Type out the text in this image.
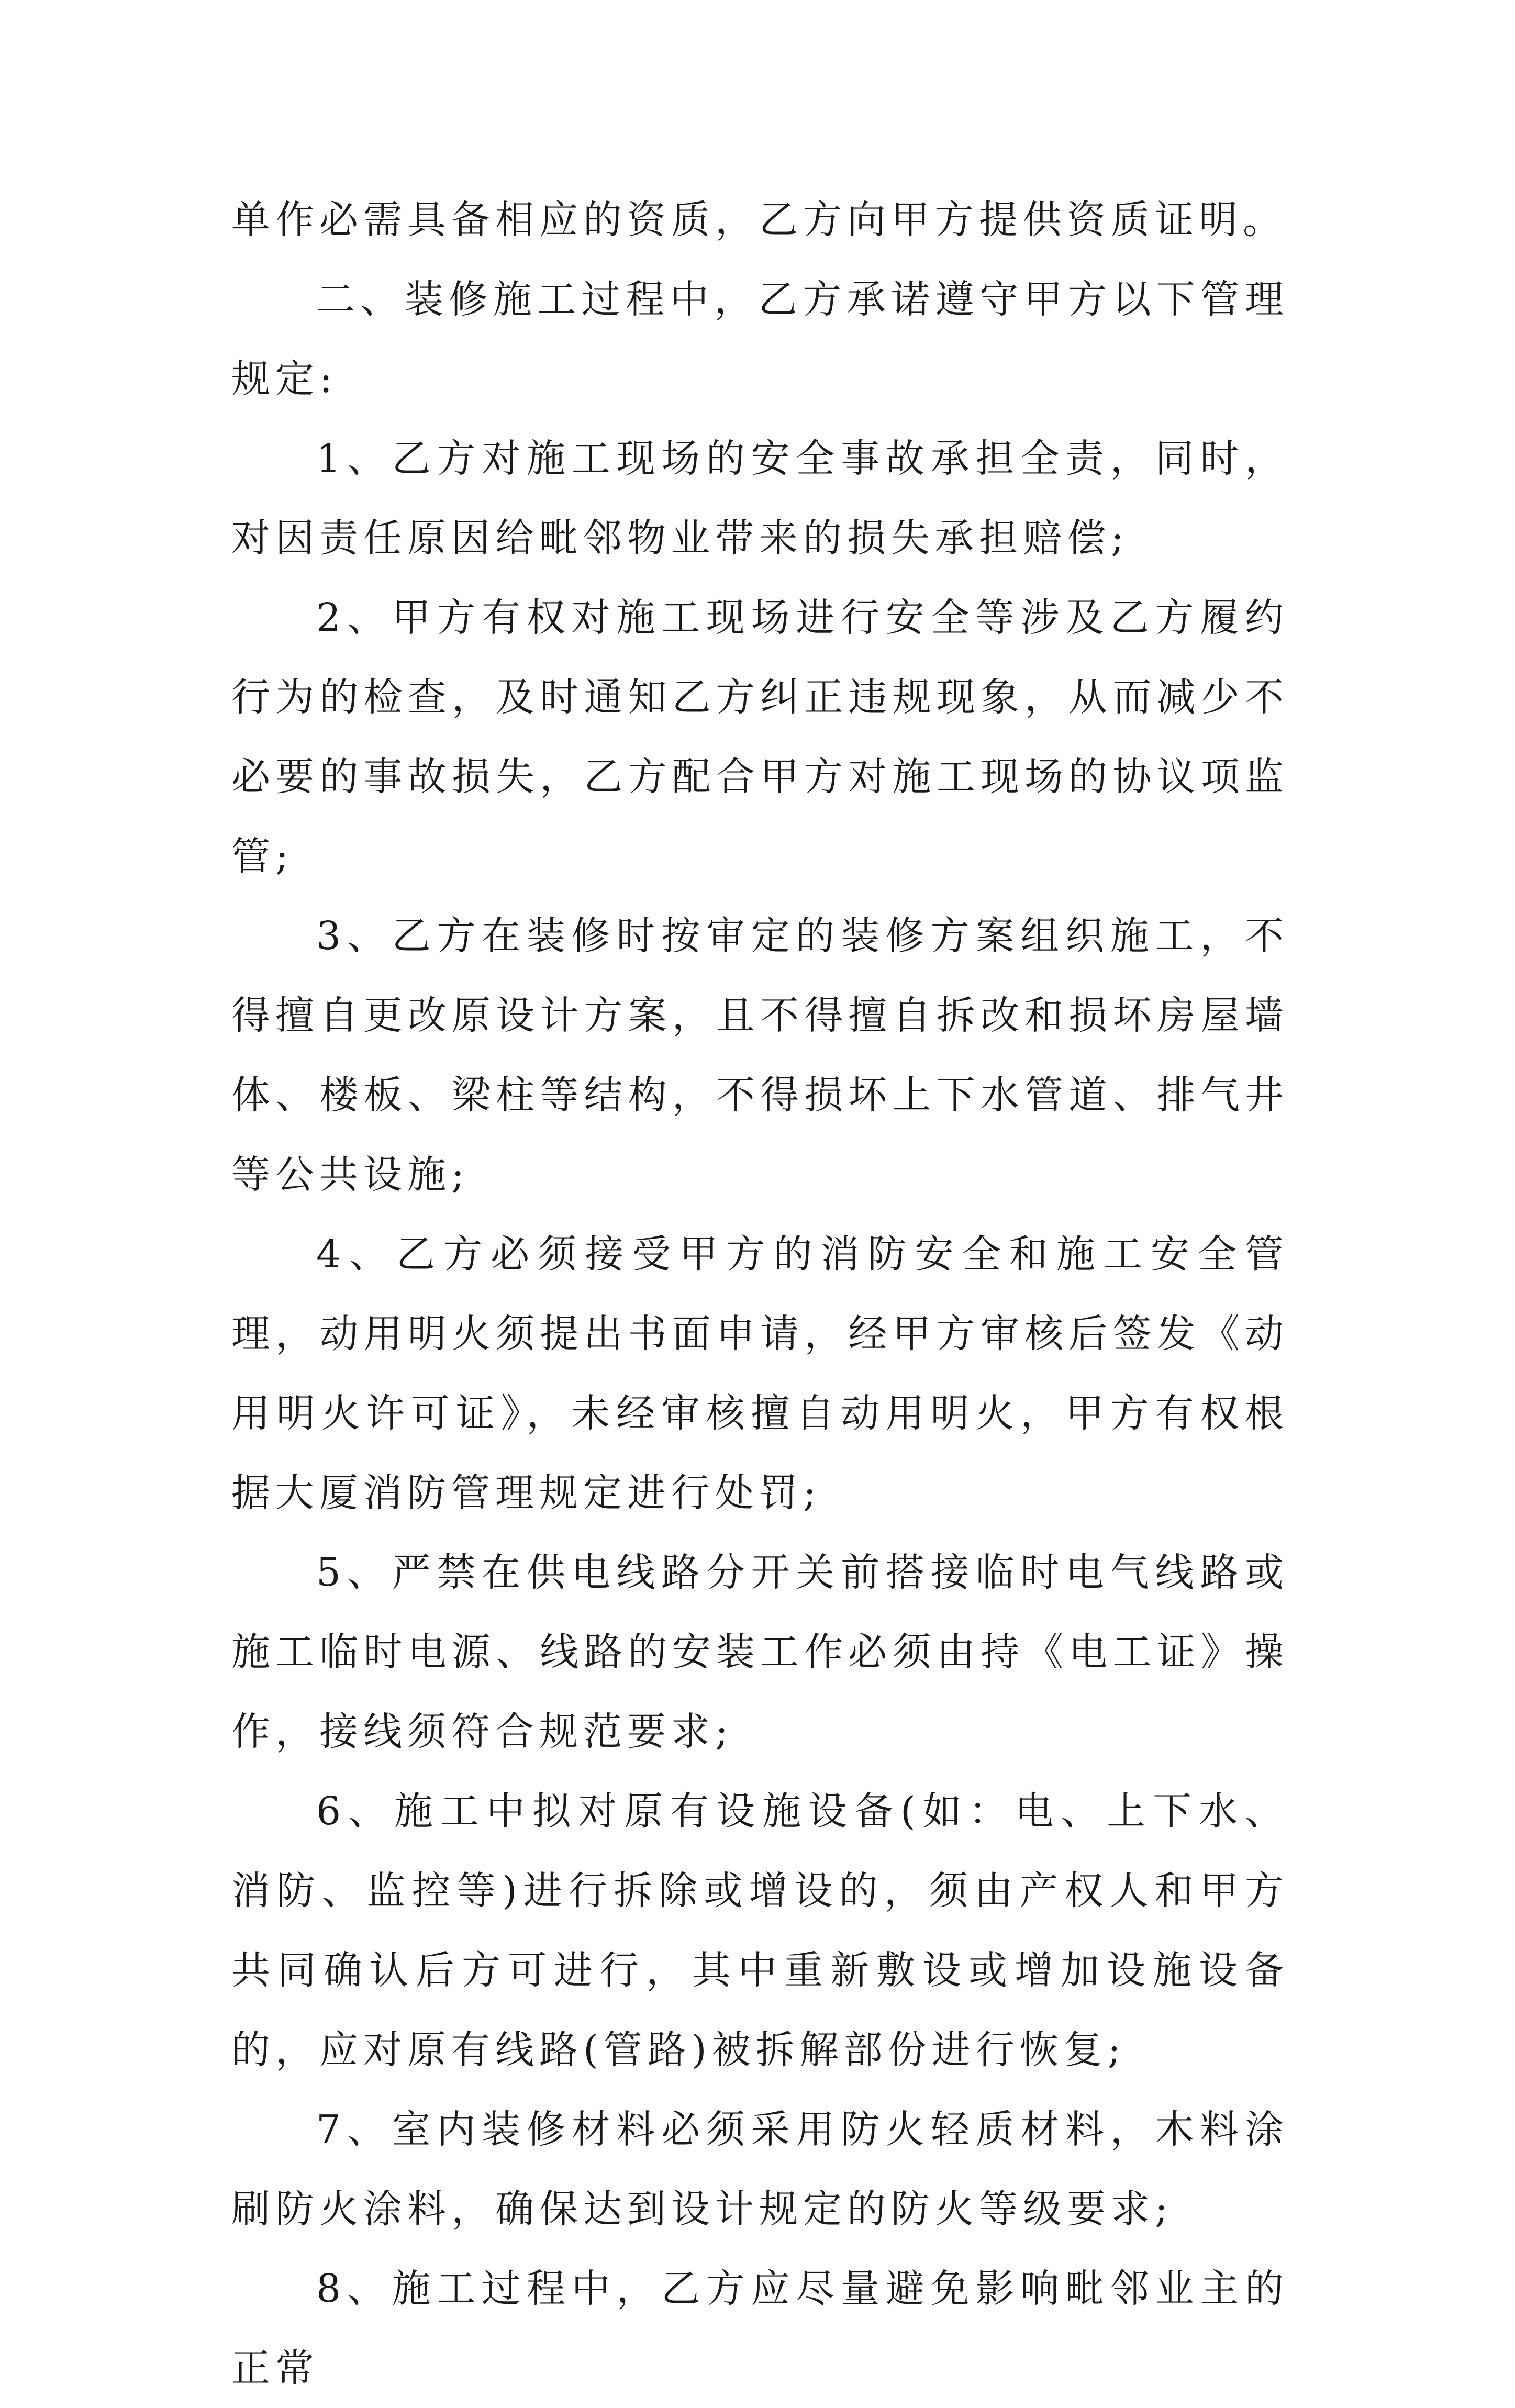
单作必需具备相应的资质，乙方向甲方提供资质证明。

二、装修施工过程中，乙方承诺遵守甲方以下管理规定:

1、乙方对施工现场的安全事故承担全责，同时，对因责任原因给毗邻物业带来的损失承担赔偿;

2、甲方有权对施工现场进行安全等涉及乙方履约行为的检查，及时通知乙方纠正违规现象，从而减少不必要的事故损失，乙方配合甲方对施工现场的协议项监管;

3、乙方在装修时按审定的装修方案组织施工，不得擅自更改原设计方案，且不得擅自拆改和损坏房屋墙体、楼板、梁柱等结构，不得损坏上下水管道、排气井等公共设施;

4、乙方必须接受甲方的消防安全和施工安全管理，动用明火须提出书面申请，经甲方审核后签发《动用明火许可证》，未经审核擅自动用明火，甲方有权根据大厦消防管理规定进行处罚;

5、严禁在供电线路分开关前搭接临时电气线路或施工临时电源、线路的安装工作必须由持《电工证》操作，接线须符合规范要求;

6、施工中拟对原有设施设备(如：电、上下水、消防、监控等)进行拆除或增设的，须由产权人和甲方共同确认后方可进行，其中重新敷设或增加设施设备的，应对原有线路(管路)被拆解部份进行恢复;

7、室内装修材料必须采用防火轻质材料，木料涂刷防火涂料，确保达到设计规定的防火等级要求;

8、施工过程中，乙方应尽量避免影响毗邻业主的正常
